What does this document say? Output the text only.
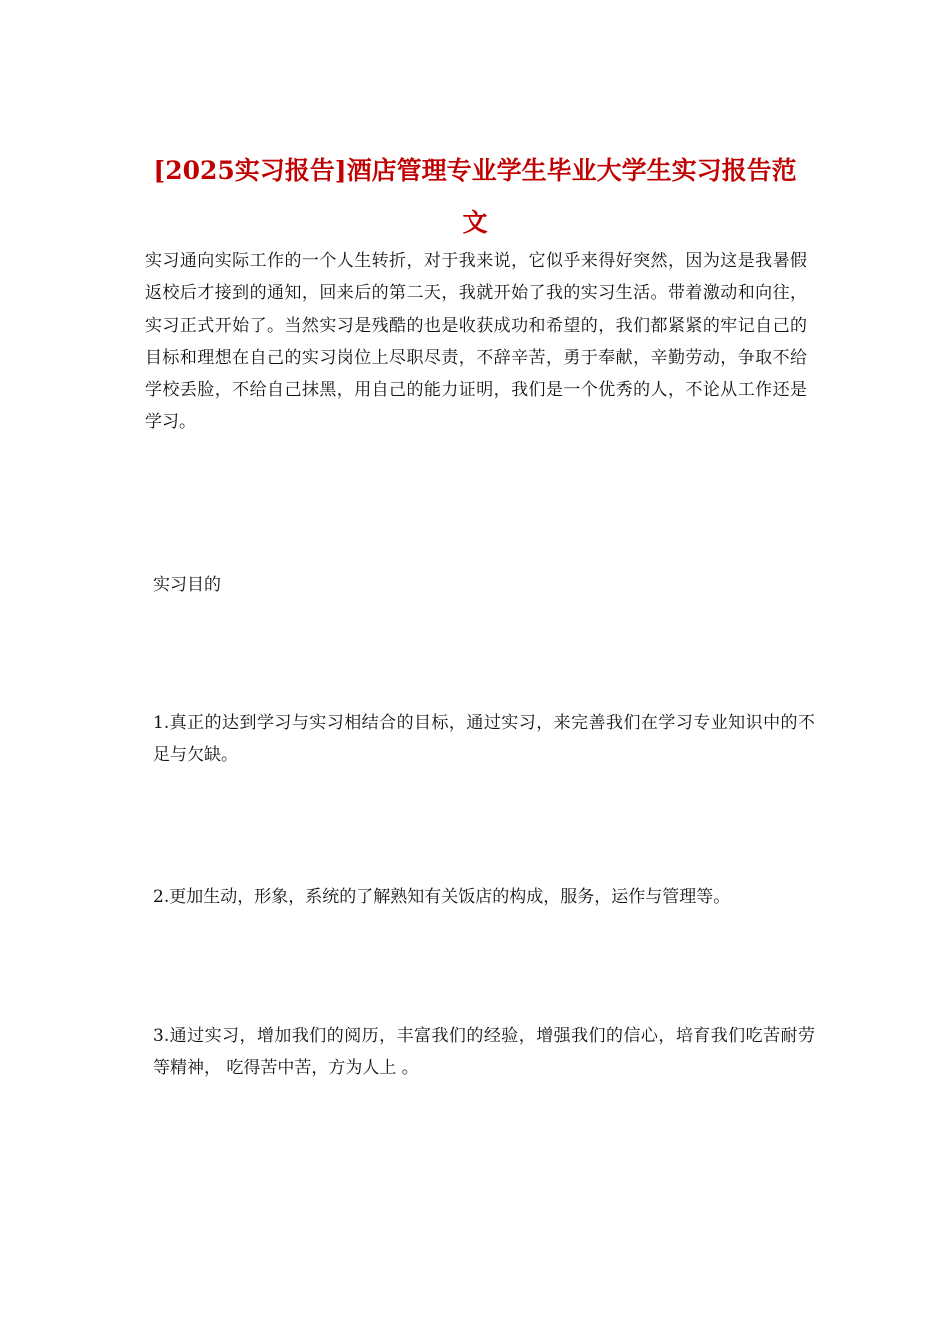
[2025实习报告]酒店管理专业学生毕业大学生实习报告范文

实习通向实际工作的一个人生转折，对于我来说，它似乎来得好突然，因为这是我暑假返校后才接到的通知，回来后的第二天，我就开始了我的实习生活。带着激动和向往，实习正式开始了。当然实习是残酷的也是收获成功和希望的，我们都紧紧的牢记自己的目标和理想在自己的实习岗位上尽职尽责，不辞辛苦，勇于奉献，辛勤劳动，争取不给学校丢脸，不给自己抹黑，用自己的能力证明，我们是一个优秀的人，不论从工作还是学习。

实习目的

1.真正的达到学习与实习相结合的目标，通过实习，来完善我们在学习专业知识中的不足与欠缺。

2.更加生动，形象，系统的了解熟知有关饭店的构成，服务，运作与管理等。

3.通过实习，增加我们的阅历，丰富我们的经验，增强我们的信心，培育我们吃苦耐劳等精神， 吃得苦中苦，方为人上 。
